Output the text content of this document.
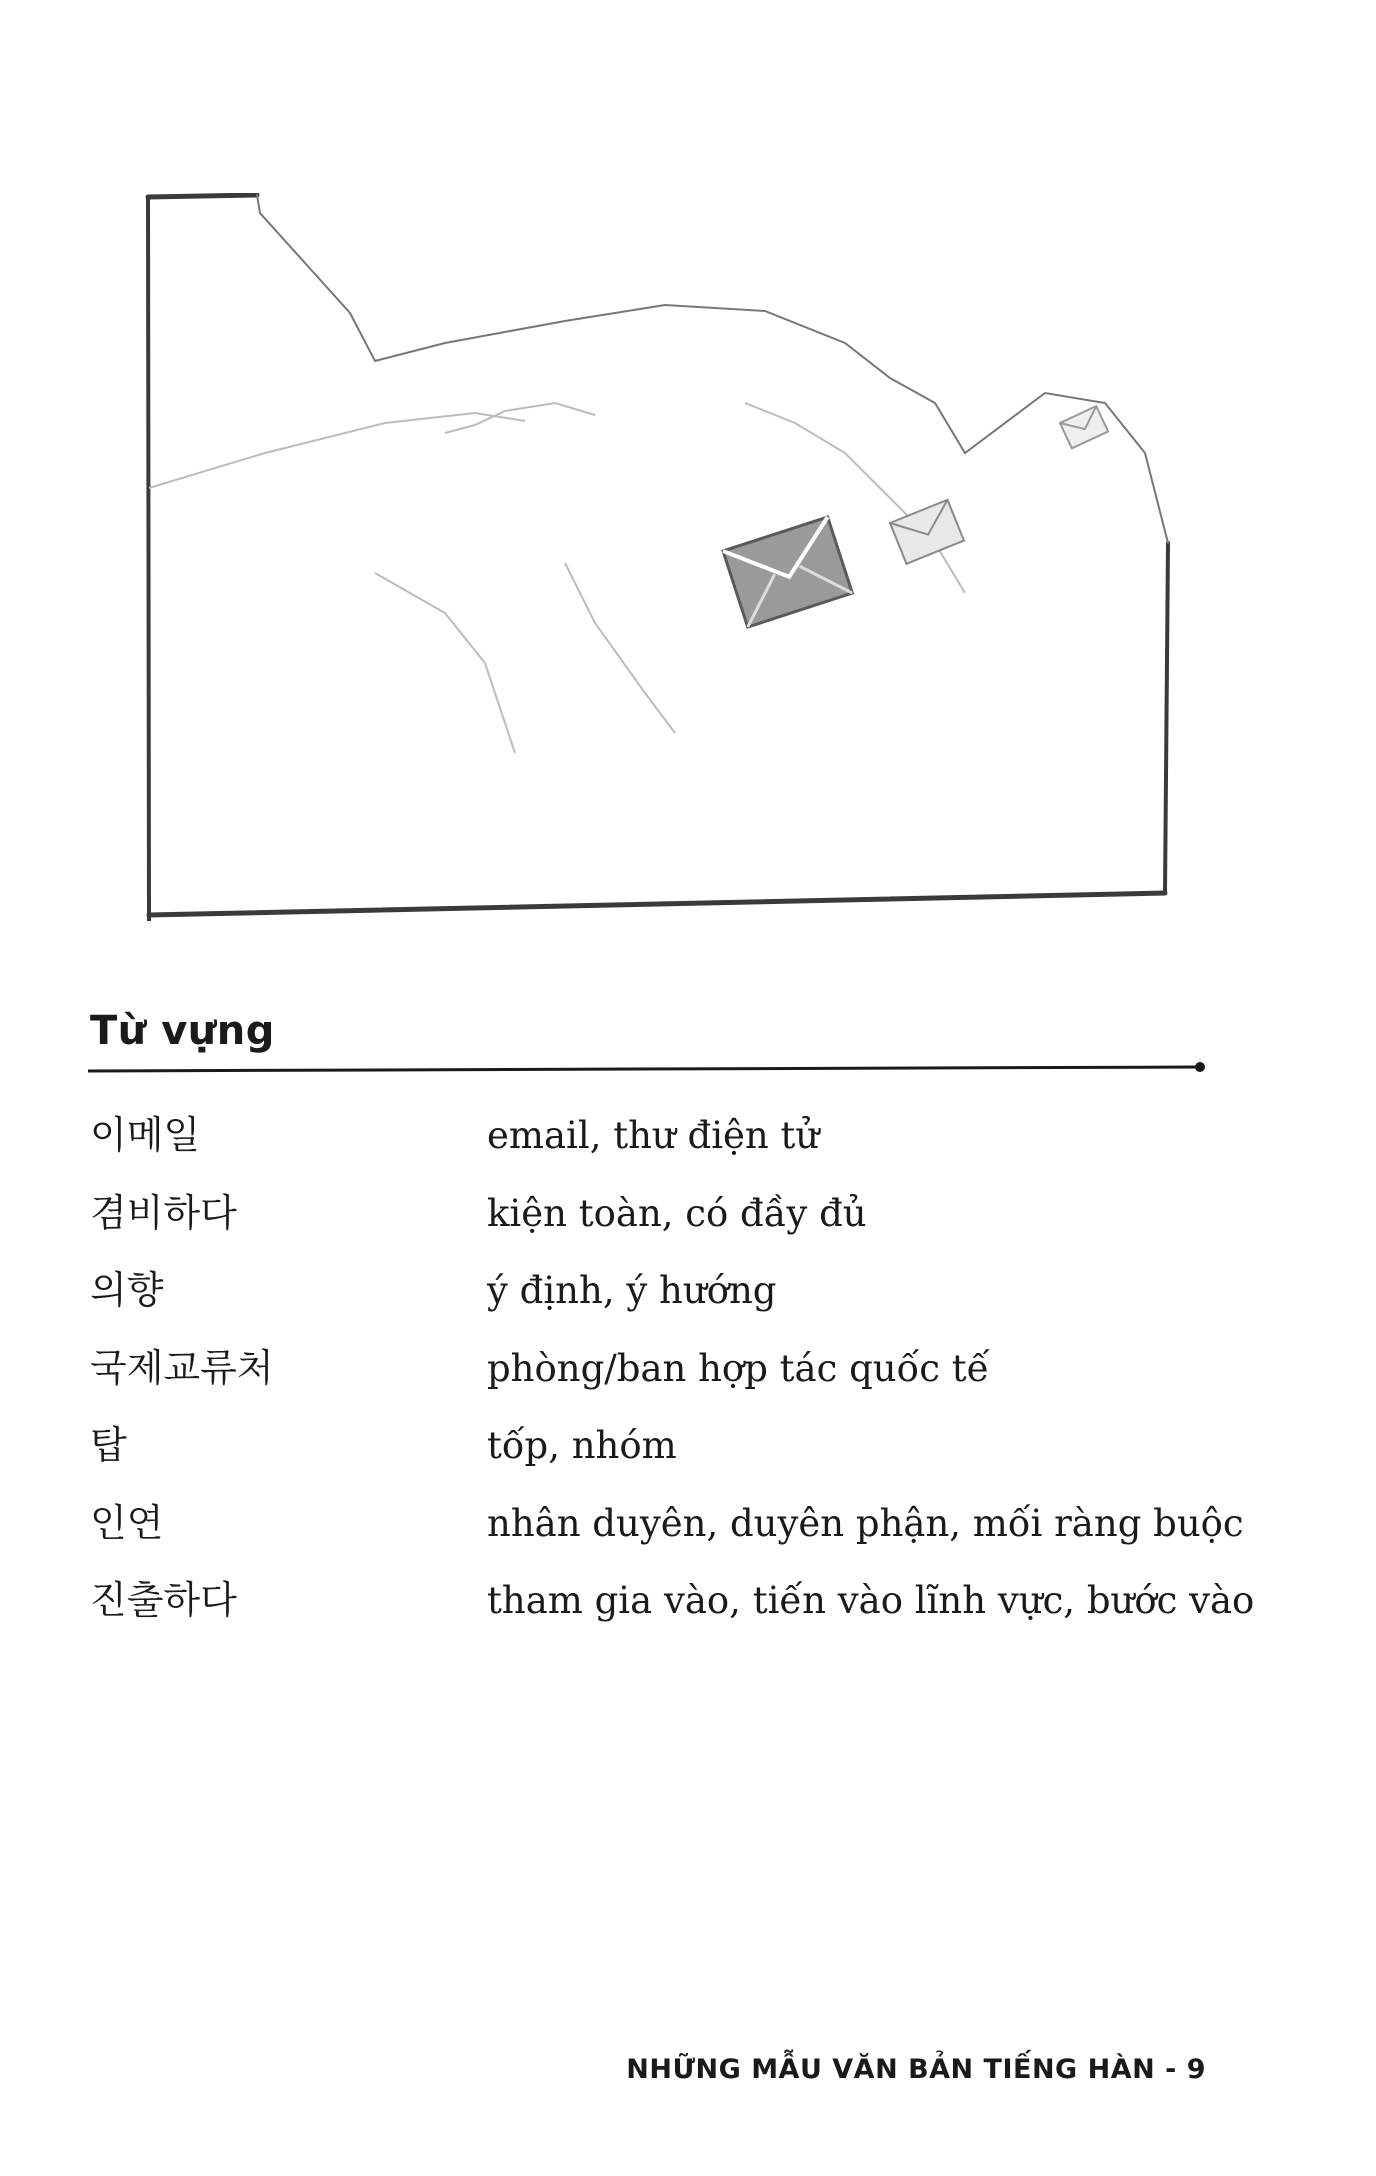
Từ vựng
이메일	email, thư điện tử
겸비하다	kiện toàn, có đầy đủ
의향	ý định, ý hướng
국제교류처	phòng/ban hợp tác quốc tế
탑	tốp, nhóm
인연	nhân duyên, duyên phận, mối ràng buộc
진출하다	tham gia vào, tiến vào lĩnh vực, bước vào
NHỮNG MẪU VĂN BẢN TIẾNG HÀN - 9
